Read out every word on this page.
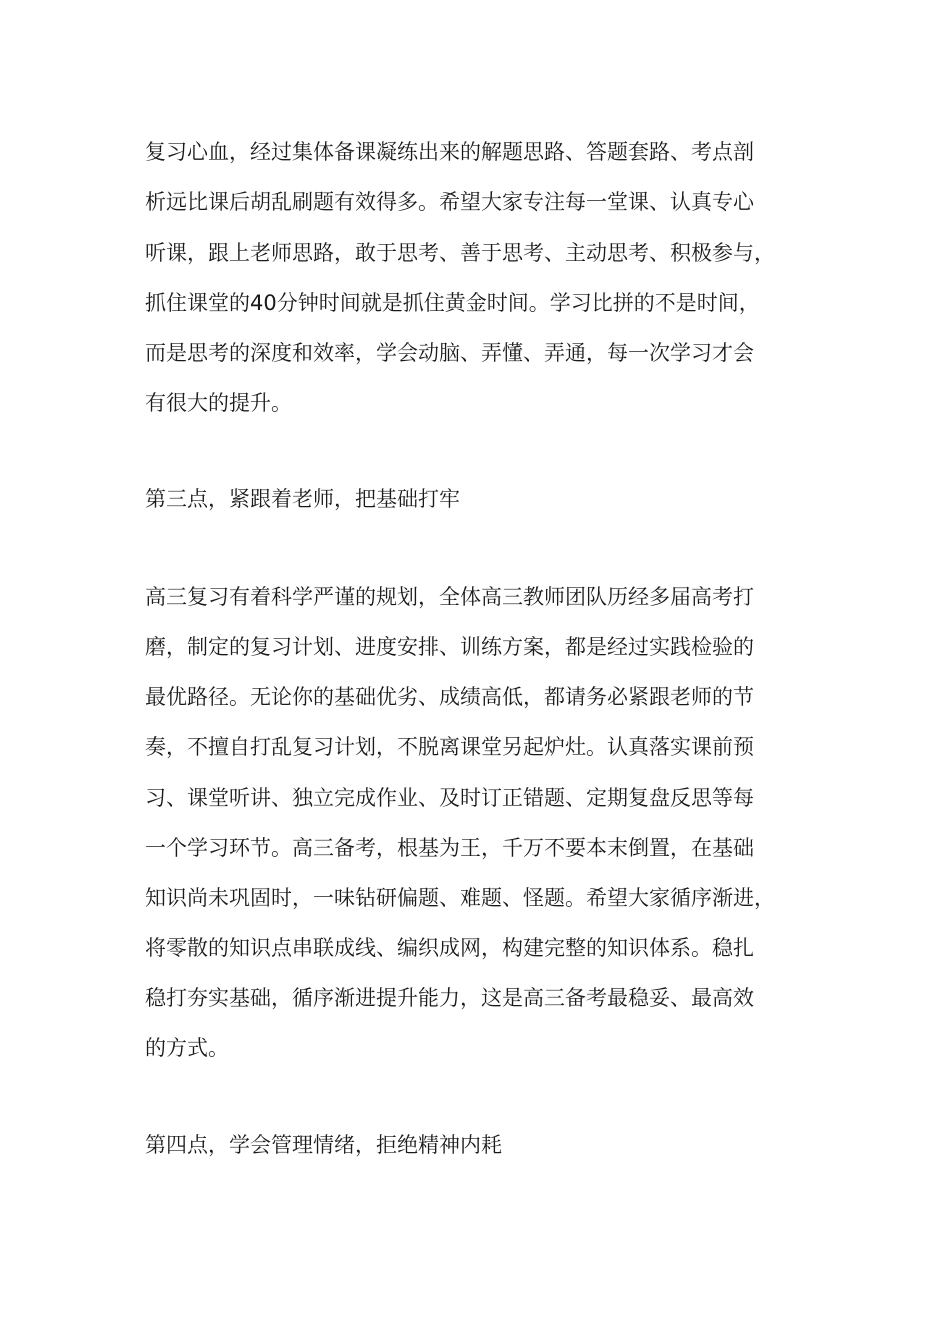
复习心血，经过集体备课凝练出来的解题思路、答题套路、考点剖
析远比课后胡乱刷题有效得多。希望大家专注每一堂课、认真专心
听课，跟上老师思路，敢于思考、善于思考、主动思考、积极参与，
抓住课堂的40分钟时间就是抓住黄金时间。学习比拼的不是时间，
而是思考的深度和效率，学会动脑、弄懂、弄通，每一次学习才会
有很大的提升。
第三点，紧跟着老师，把基础打牢
高三复习有着科学严谨的规划，全体高三教师团队历经多届高考打
磨，制定的复习计划、进度安排、训练方案，都是经过实践检验的
最优路径。无论你的基础优劣、成绩高低，都请务必紧跟老师的节
奏，不擅自打乱复习计划，不脱离课堂另起炉灶。认真落实课前预
习、课堂听讲、独立完成作业、及时订正错题、定期复盘反思等每
一个学习环节。高三备考，根基为王，千万不要本末倒置，在基础
知识尚未巩固时，一味钻研偏题、难题、怪题。希望大家循序渐进，
将零散的知识点串联成线、编织成网，构建完整的知识体系。稳扎
稳打夯实基础，循序渐进提升能力，这是高三备考最稳妥、最高效
的方式。
第四点，学会管理情绪，拒绝精神内耗
